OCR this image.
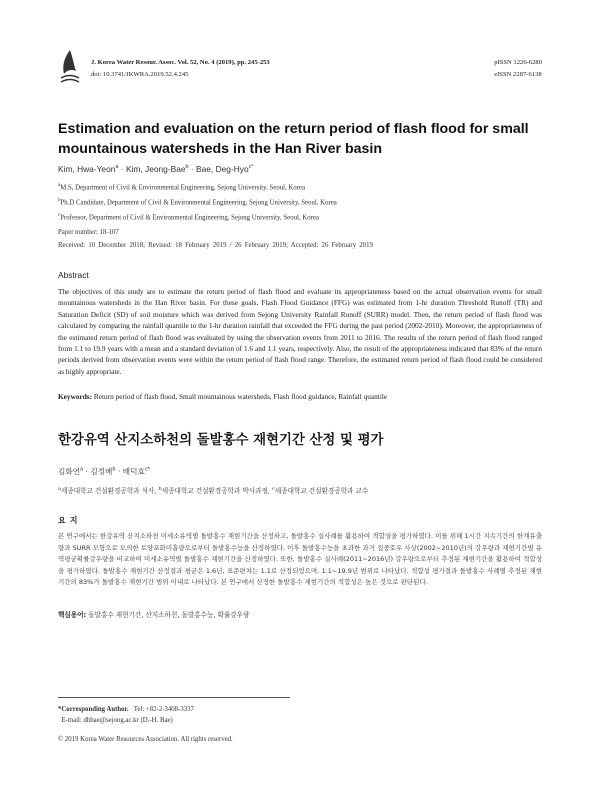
J. Korea Water Resour. Assoc. Vol. 52, No. 4 (2019), pp. 245-253
doi: 10.3741/JKWRA.2019.52.4.245
pISSN 1226-6280
eISSN 2287-6138
Estimation and evaluation on the return period of flash flood for small
mountainous watersheds in the Han River basin
Kim, Hwa-Yeon$^a$ · Kim, Jeong-Bae$^b$ · Bae, Deg-Hyo$^{c*}$
$^a$M.S, Department of Civil & Environmental Engineering, Sejong University, Seoul, Korea
$^b$Ph.D Candidate, Department of Civil & Environmental Engineering, Sejong University, Seoul, Korea
$^c$Professor, Department of Civil & Environmental Engineering, Sejong University, Seoul, Korea
Paper number: 18-107
Received: 10 December 2018; Revised: 18 February 2019 / 26 February 2019; Accepted: 26 February 2019
Abstract
The objectives of this study are to estimate the return period of flash flood and evaluate its appropriateness based on the actual observation events for small mountainous watersheds in the Han River basin. For these goals, Flash Flood Guidance (FFG) was estimated from 1-hr duration Threshold Runoff (TR) and Saturation Deficit (SD) of soil moisture which was derived from Sejong University Rainfall Runoff (SURR) model. Then, the return period of flash flood was calculated by comparing the rainfall quantile to the 1-hr duration rainfall that exceeded the FFG during the past period (2002-2010). Moreover, the appropriateness of the estimated return period of flash flood was evaluated by using the observation events from 2011 to 2016. The results of the return period of flash flood ranged from 1.1 to 19.9 years with a mean and a standard deviation of 1.6 and 1.1 years, respectively. Also, the result of the appropriateness indicated that 83% of the return periods derived from observation events were within the return period of flash flood range. Therefore, the estimated return period of flash flood could be considered as highly appropriate.
Keywords: Return period of flash flood, Small mountainous watersheds, Flash flood guidance, Rainfall quantile
한강유역 산지소하천의 돌발홍수 재현기간 산정 및 평가
김화연$^a$ · 김정배$^b$ · 배덕효$^{c*}$
$^a$세종대학교 건설환경공학과 석사, $^b$세종대학교 건설환경공학과 박사과정, $^c$세종대학교 건설환경공학과 교수
요지
본 연구에서는 한강유역 산지소하천 미세소유역별 돌발홍수 재현기간을 산정하고, 돌발홍수 실사례를 활용하여 적합성을 평가하였다. 이를 위해 1시간 지속기간의 한계유출량과 SURR 모형으로 모의한 토양포화미흡량으로부터 돌발홍수능을 산정하였다. 이후 돌발홍수능을 초과한 과거 집중호우 사상(2002~2010년)의 강우량과 재현기간별 유역평균확률강우량을 비교하여 미세소유역별 돌발홍수 재현기간을 산정하였다. 또한, 돌발홍수 실사례(2011~2016년) 강우량으로부터 추정된 재현기간을 활용하여 적합성을 평가하였다. 돌발홍수 재현기간 산정결과 평균은 1.6년, 표준편차는 1.1로 산정되었으며, 1.1~19.9년 범위로 나타났다. 적합성 평가결과 돌발홍수 사례별 추정된 재현기간의 83%가 돌발홍수 재현기간 범위 이내로 나타났다. 본 연구에서 산정한 돌발홍수 재현기간의 적합성은 높은 것으로 판단된다.
핵심용어: 돌발홍수 재현기간, 산지소하천, 돌발홍수능, 확률강우량
*Corresponding Author. Tel: +82-2-3408-3337
E-mail: dhbae@sejong.ac.kr (D.-H. Bae)
© 2019 Korea Water Resources Association. All rights reserved.
